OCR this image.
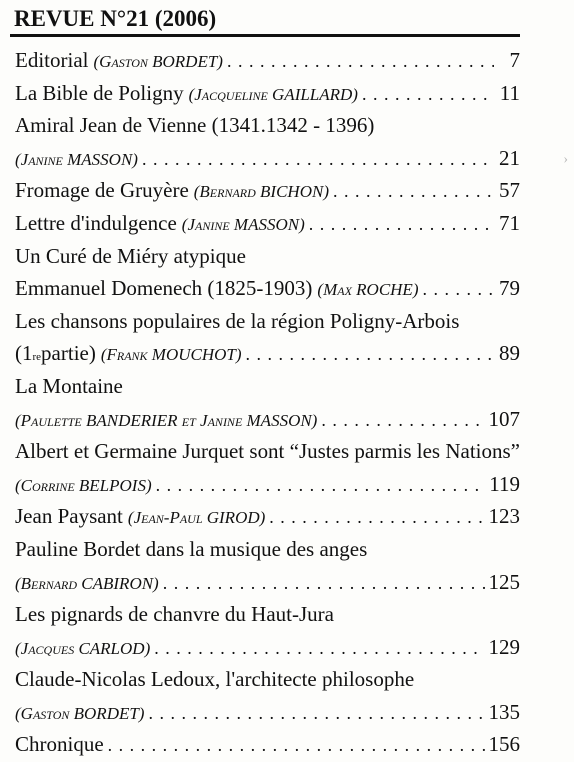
REVUE N°21 (2006)
Editorial (Gaston BORDET) . . .	7
La Bible de Poligny (Jacqueline GAILLARD) . . .	11
Amiral Jean de Vienne (1341.1342 - 1396)
(Janine MASSON) . . .	21
Fromage de Gruyère (Bernard BICHON) . . .	57
Lettre d'indulgence (Janine MASSON) . . .	71
Un Curé de Miéry atypique
Emmanuel Domenech (1825-1903) (Max ROCHE) . . .	79
Les chansons populaires de la région Poligny-Arbois
(1 re partie) (Frank MOUCHOT) . . .	89
La Montaine
(Paulette BANDERIER et Janine MASSON) . . .	107
Albert et Germaine Jurquet sont “Justes parmis les Nations”
(Corrine BELPOIS) . . .	119
Jean Paysant (Jean-Paul GIROD) . . .	123
Pauline Bordet dans la musique des anges
(Bernard CABIRON) . . .	125
Les pignards de chanvre du Haut-Jura
(Jacques CARLOD) . . .	129
Claude-Nicolas Ledoux, l'architecte philosophe
(Gaston BORDET) . . .	135
Chronique . . .	156
›
